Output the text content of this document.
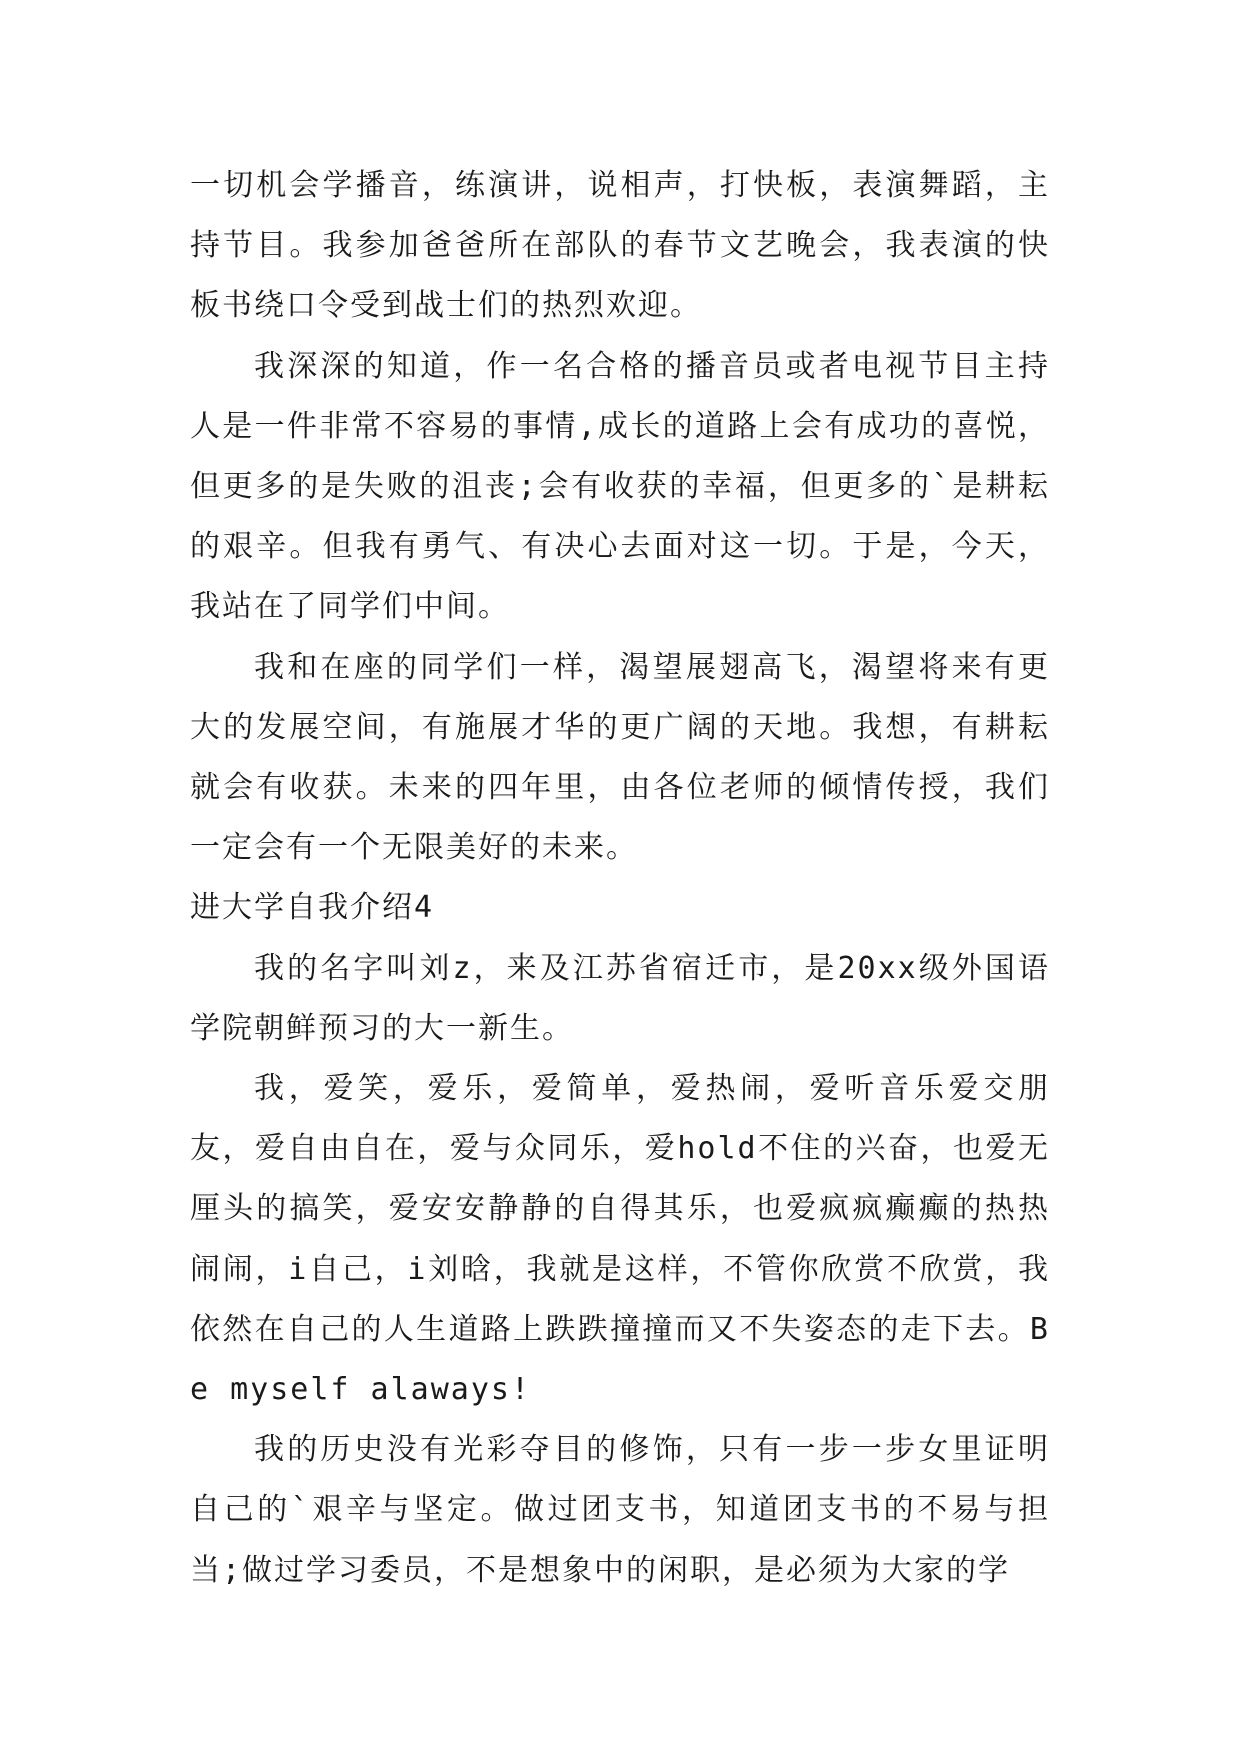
一切机会学播音，练演讲，说相声，打快板，表演舞蹈，主持节目。我参加爸爸所在部队的春节文艺晚会，我表演的快板书绕口令受到战士们的热烈欢迎。

我深深的知道，作一名合格的播音员或者电视节目主持人是一件非常不容易的事情,成长的道路上会有成功的喜悦，但更多的是失败的沮丧;会有收获的幸福，但更多的`是耕耘的艰辛。但我有勇气、有决心去面对这一切。于是，今天，我站在了同学们中间。

我和在座的同学们一样，渴望展翅高飞，渴望将来有更大的发展空间，有施展才华的更广阔的天地。我想，有耕耘就会有收获。未来的四年里，由各位老师的倾情传授，我们一定会有一个无限美好的未来。

进大学自我介绍4

我的名字叫刘z，来及江苏省宿迁市，是20xx级外国语学院朝鲜预习的大一新生。

我，爱笑，爱乐，爱简单，爱热闹，爱听音乐爱交朋友，爱自由自在，爱与众同乐，爱hold不住的兴奋，也爱无厘头的搞笑，爱安安静静的自得其乐，也爱疯疯癫癫的热热闹闹，i自己，i刘晗，我就是这样，不管你欣赏不欣赏，我依然在自己的人生道路上跌跌撞撞而又不失姿态的走下去。Be myself alaways!

我的历史没有光彩夺目的修饰，只有一步一步女里证明自己的`艰辛与坚定。做过团支书，知道团支书的不易与担当;做过学习委员，不是想象中的闲职，是必须为大家的学
